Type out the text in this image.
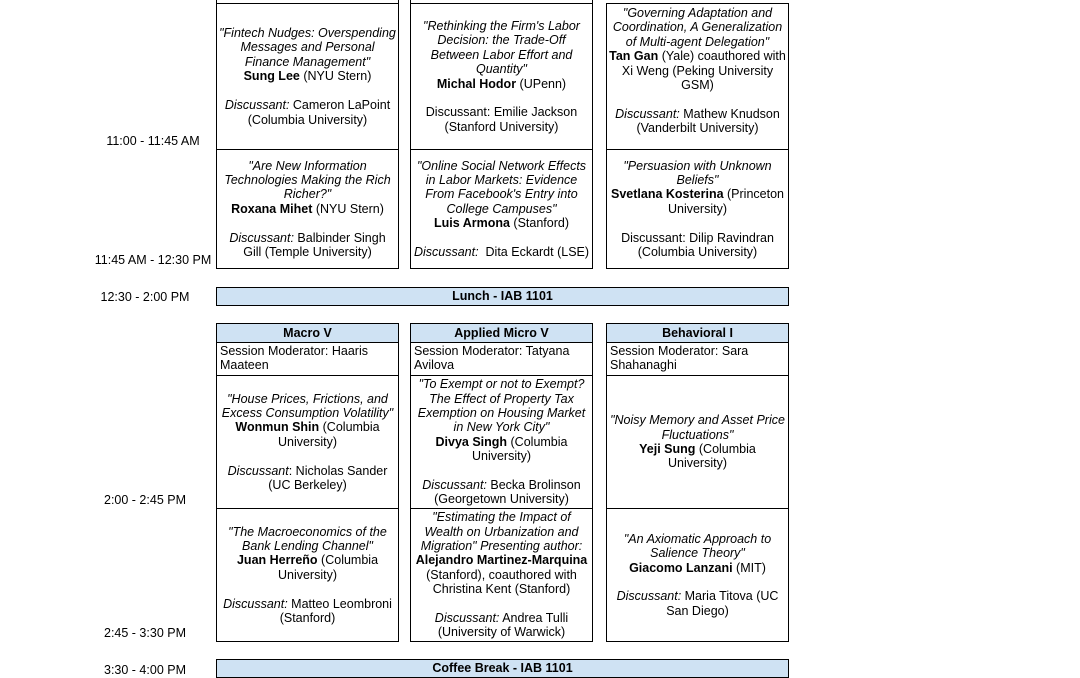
11:00 - 11:45 AM
11:45 AM - 12:30 PM
12:30 - 2:00 PM
2:00 - 2:45 PM
2:45 - 3:30 PM
3:30 - 4:00 PM
"Fintech Nudges: Overspending Messages and Personal Finance Management"
Sung Lee (NYU Stern)
Discussant: Cameron LaPoint (Columbia University)
"Rethinking the Firm's Labor Decision: the Trade-Off Between Labor Effort and Quantity"
Michal Hodor (UPenn)
Discussant: Emilie Jackson (Stanford University)
"Governing Adaptation and Coordination, A Generalization of Multi-agent Delegation"
Tan Gan (Yale) coauthored with Xi Weng (Peking University GSM)
Discussant: Mathew Knudson (Vanderbilt University)
"Are New Information Technologies Making the Rich Richer?"
Roxana Mihet (NYU Stern)
Discussant: Balbinder Singh Gill (Temple University)
"Online Social Network Effects in Labor Markets: Evidence From Facebook's Entry into College Campuses"
Luis Armona (Stanford)
Discussant:  Dita Eckardt (LSE)
"Persuasion with Unknown Beliefs"
Svetlana Kosterina (Princeton University)
Discussant: Dilip Ravindran (Columbia University)
Lunch - IAB 1101
Macro V	Applied Micro V	Behavioral I
Session Moderator: Haaris Maateen
Session Moderator: Tatyana Avilova
Session Moderator: Sara Shahanaghi
"House Prices, Frictions, and Excess Consumption Volatility"
Wonmun Shin (Columbia University)
Discussant: Nicholas Sander (UC Berkeley)
"To Exempt or not to Exempt? The Effect of Property Tax Exemption on Housing Market in New York City"
Divya Singh (Columbia University)
Discussant: Becka Brolinson (Georgetown University)
"Noisy Memory and Asset Price Fluctuations"
Yeji Sung (Columbia University)
"The Macroeconomics of the Bank Lending Channel"
Juan Herreño (Columbia University)
Discussant: Matteo Leombroni (Stanford)
"Estimating the Impact of Wealth on Urbanization and Migration" Presenting author:
Alejandro Martinez-Marquina (Stanford), coauthored with Christina Kent (Stanford)
Discussant: Andrea Tulli (University of Warwick)
"An Axiomatic Approach to Salience Theory"
Giacomo Lanzani (MIT)
Discussant: Maria Titova (UC San Diego)
Coffee Break - IAB 1101
